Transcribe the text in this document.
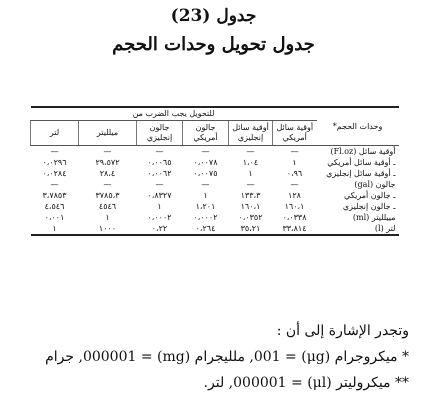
جدول (23)
جدول تحويل وحدات الحجم
وحدات الحجم*	للتحويل يجب الضرب من					
	أوقية سائل أمريكي	أوقية سائل إنجليزي	جالون أمريكي	جالون إنجليزي	ميلليتر	لتر
أوقية سائل (Fl.oz)	—	—	—	—	—	—
ـ أوقية سائل أمريكي	١	١،٠٤	٠،٠٠٧٨	٠،٠٠٦٥	٢٩،٥٧٢	٠،٠٢٩٦
ـ أوقية سائل إنجليزي	٠،٩٦	١	٠،٠٠٧٥	٠،٠٠٦٢	٢٨،٤	٠،٠٢٨٤
جالون (gal)	—	—	—	—	—	—
ـ جالون أمريكي	١٢٨	١٣٣،٣	١	٠،٨٣٢٧	٣٧٨٥،٣	٣،٧٨٥٣
ـ جالون إنجليزي	١٦٠،١	١٦٠،١	١،٢٠١	١	٤٥٤٦	٤،٥٤٦
مييلليتر (ml)	٠،٠٣٣٨	٠،٠٣٥٢	٠،٠٠٠٢	٠،٠٠٠٢	١	٠،٠٠١
لتر (l)	٣٣،٨١٤	٣٥،٢١	٠،٢٦٤	٠،٢٢	١٠٠٠	١
وتجدر الإشارة إلى أن :
* ميكروجرام (μg) = 001, ملليجرام (mg) = 000001, جرام
** ميكروليتر (μl) = 000001, لتر.
